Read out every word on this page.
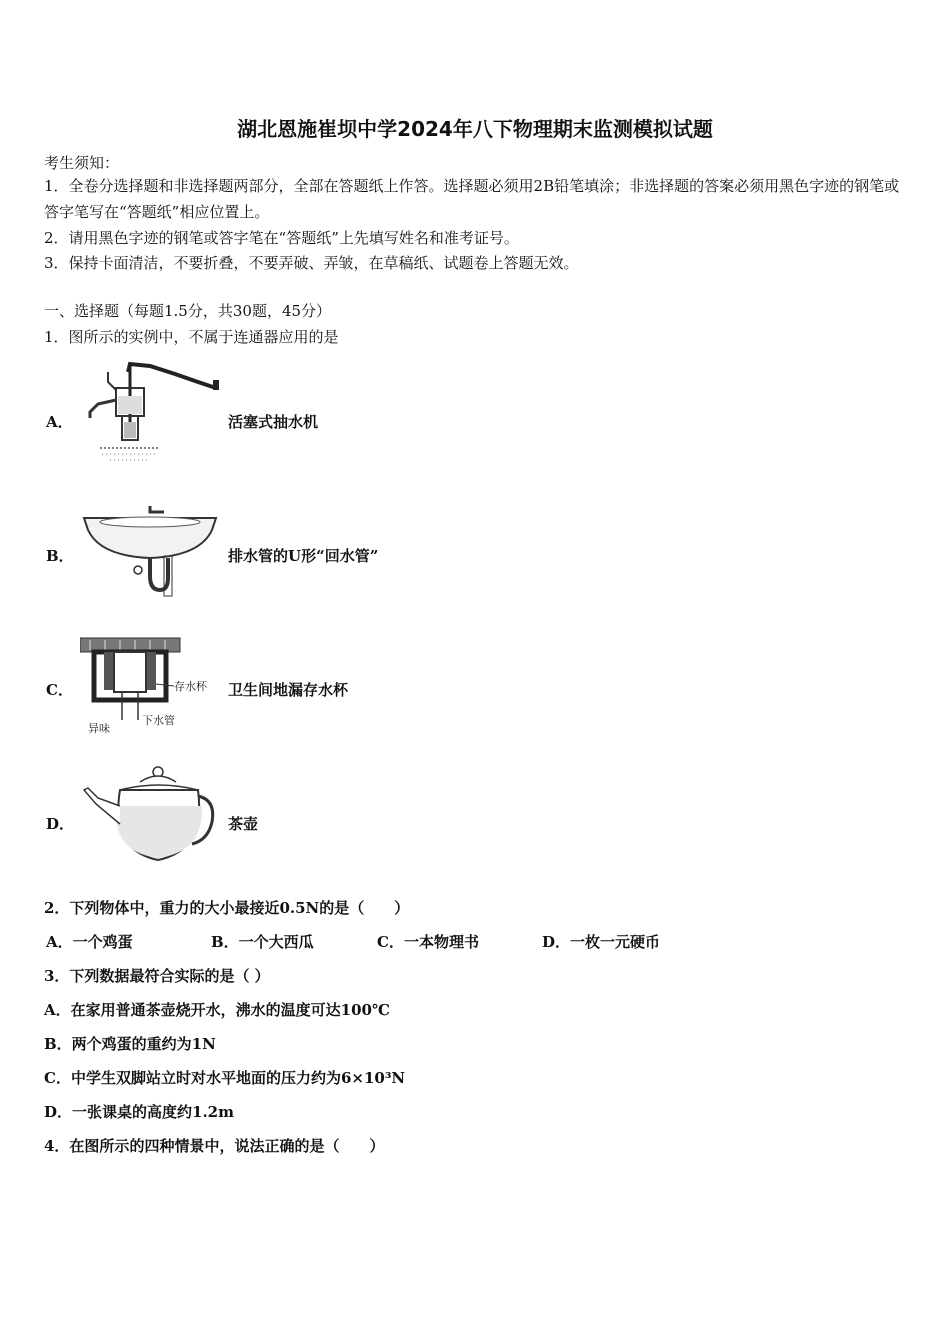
湖北恩施崔坝中学2024年八下物理期末监测模拟试题
考生须知：
1．全卷分选择题和非选择题两部分，全部在答题纸上作答。选择题必须用2B铅笔填涂；非选择题的答案必须用黑色字迹的钢笔或答字笔写在“答题纸”相应位置上。
2．请用黑色字迹的钢笔或答字笔在“答题纸”上先填写姓名和准考证号。
3．保持卡面清洁，不要折叠，不要弄破、弄皱，在草稿纸、试题卷上答题无效。
一、选择题（每题1.5分，共30题，45分）
1．图所示的实例中，不属于连通器应用的是
A．	活塞式抽水机
B．	排水管的U形“回水管”
C．	存水杯
异味
下水管
卫生间地漏存水杯
D．	茶壶
2．下列物体中，重力的大小最接近0.5N的是（　　）
A．一个鸡蛋	B．一个大西瓜	C．一本物理书	D．一枚一元硬币
3．下列数据最符合实际的是（ ）
A．在家用普通茶壶烧开水，沸水的温度可达100℃
B．两个鸡蛋的重约为1N
C．中学生双脚站立时对水平地面的压力约为6×10³N
D．一张课桌的高度约1.2m
4．在图所示的四种情景中，说法正确的是（　　）
